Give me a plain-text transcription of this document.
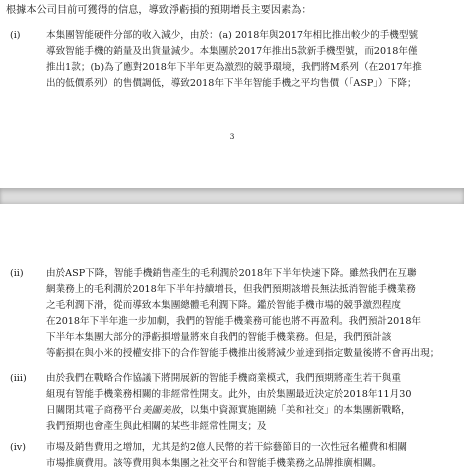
根據本公司目前可獲得的信息，導致淨虧損的預期增長主要因素為：
(i)	本集團智能硬件分部的收入減少，由於：(a) 2018年與2017年相比推出較少的手機型號
導致智能手機的銷量及出貨量減少。本集團於2017年推出5款新手機型號，而2018年僅
推出1款；(b)為了應對2018年下半年更為激烈的競爭環境，我們將M系列（在2017年推
出的低價系列）的售價調低，導致2018年下半年智能手機之平均售價（「ASP」）下降；
3
(ii) 由於ASP下降，智能手機銷售產生的毛利潤於2018年下半年快速下降。雖然我們在互聯
網業務上的毛利潤於2018年下半年持續增長，但我們預期該增長無法抵消智能手機業務
之毛利潤下滑，從而導致本集團總體毛利潤下降。鑑於智能手機市場的競爭激烈程度
在2018年下半年進一步加劇，我們的智能手機業務可能也將不再盈利。我們預計2018年
下半年本集團大部分的淨虧損增量將來自我們的智能手機業務。但是，我們預計該
等虧損在與小米的授權安排下的合作智能手機推出後將減少並達到指定數量後將不會再出現；
(iii) 由於我們在戰略合作協議下將開展新的智能手機商業模式，我們預期將產生若干與重
組現有智能手機業務相關的非經常性開支。此外，由於集團最近決定於2018年11月30
日關閉其電子商務平台美圖美妝，以集中資源實施圍繞「美和社交」的本集團新戰略，
我們預期也會產生與此相關的某些非經常性開支；及
(iv) 市場及銷售費用之增加，尤其是約2億人民幣的若干綜藝節目的一次性冠名權費和相關
市場推廣費用。該等費用與本集團之社交平台和智能手機業務之品牌推廣相關。
